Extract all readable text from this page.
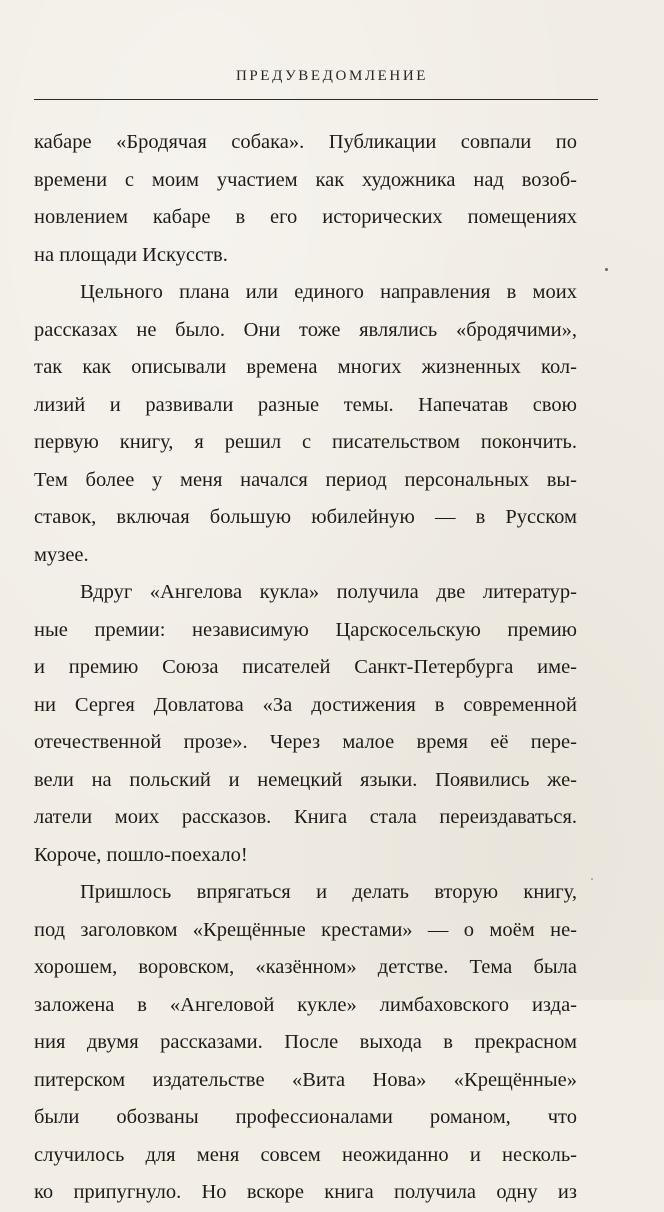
ПРЕДУВЕДОМЛЕНИЕ
кабаре «Бродячая собака». Публикации совпали по
времени с моим участием как художника над возоб-
новлением кабаре в его исторических помещениях
на площади Искусств.
Цельного плана или единого направления в моих
рассказах не было. Они тоже являлись «бродячими»,
так как описывали времена многих жизненных кол-
лизий и развивали разные темы. Напечатав свою
первую книгу, я решил с писательством покончить.
Тем более у меня начался период персональных вы-
ставок, включая большую юбилейную — в Русском
музее.
Вдруг «Ангелова кукла» получила две литератур-
ные премии: независимую Царскосельскую премию
и премию Союза писателей Санкт-Петербурга име-
ни Сергея Довлатова «За достижения в современной
отечественной прозе». Через малое время её пере-
вели на польский и немецкий языки. Появились же-
латели моих рассказов. Книга стала переиздаваться.
Короче, пошло-поехало!
Пришлось впрягаться и делать вторую книгу,
под заголовком «Крещённые крестами» — о моём не-
хорошем, воровском, «казённом» детстве. Тема была
заложена в «Ангеловой кукле» лимбаховского изда-
ния двумя рассказами. После выхода в прекрасном
питерском издательстве «Вита Нова» «Крещённые»
были обозваны профессионалами романом, что
случилось для меня совсем неожиданно и несколь-
ко припугнуло. Но вскоре книга получила одну из
